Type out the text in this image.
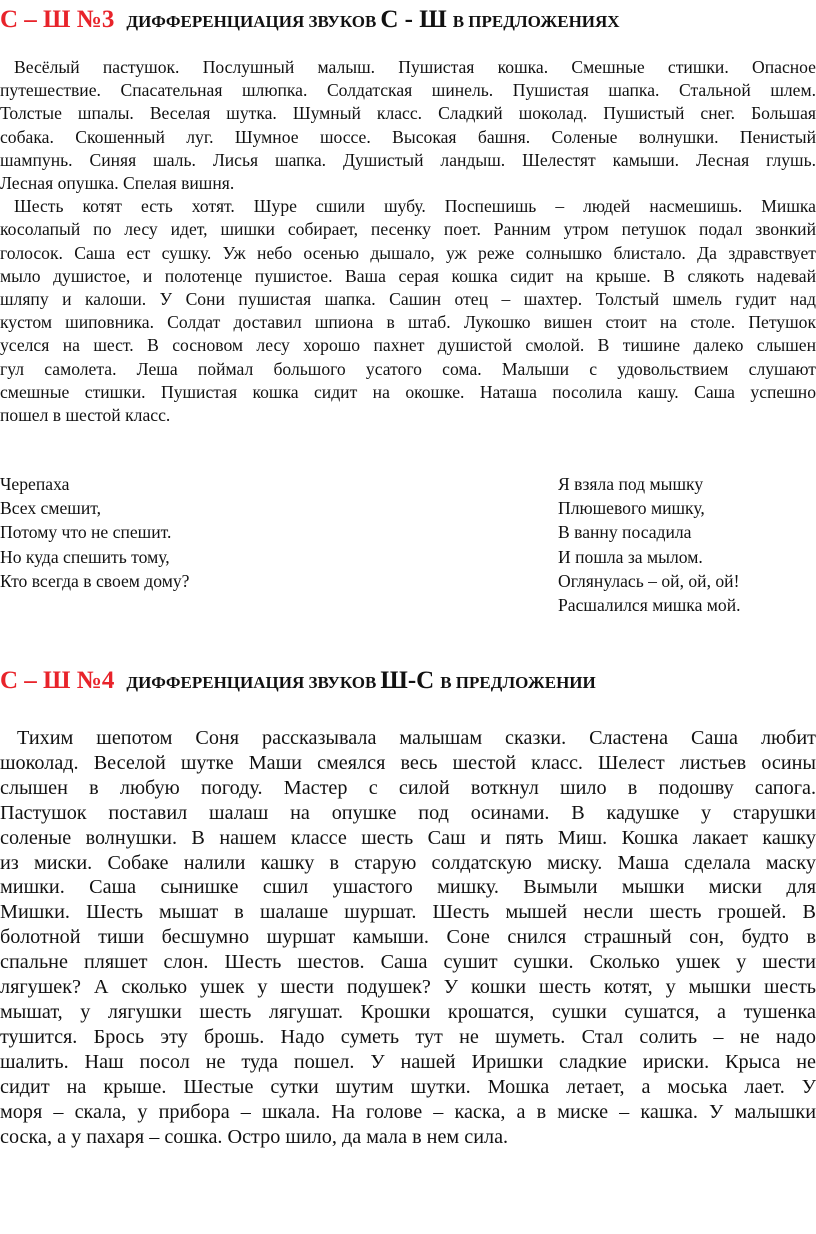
С – Ш №3 ДИФФЕРЕНЦИАЦИЯ ЗВУКОВ С - Ш В ПРЕДЛОЖЕНИЯХ
Весёлый пастушок. Послушный малыш. Пушистая кошка. Смешные стишки. Опасное
путешествие. Спасательная шлюпка. Солдатская шинель. Пушистая шапка. Стальной шлем.
Толстые шпалы. Веселая шутка. Шумный класс. Сладкий шоколад. Пушистый снег. Большая
собака. Скошенный луг. Шумное шоссе. Высокая башня. Соленые волнушки. Пенистый
шампунь. Синяя шаль. Лисья шапка. Душистый ландыш. Шелестят камыши. Лесная глушь.
Лесная опушка. Спелая вишня.
Шесть котят есть хотят. Шуре сшили шубу. Поспешишь – людей насмешишь. Мишка
косолапый по лесу идет, шишки собирает, песенку поет. Ранним утром петушок подал звонкий
голосок. Саша ест сушку. Уж небо осенью дышало, уж реже солнышко блистало. Да здравствует
мыло душистое, и полотенце пушистое. Ваша серая кошка сидит на крыше. В слякоть надевай
шляпу и калоши. У Сони пушистая шапка. Сашин отец – шахтер. Толстый шмель гудит над
кустом шиповника. Солдат доставил шпиона в штаб. Лукошко вишен стоит на столе. Петушок
уселся на шест. В сосновом лесу хорошо пахнет душистой смолой. В тишине далеко слышен
гул самолета. Леша поймал большого усатого сома. Малыши с удовольствием слушают
смешные стишки. Пушистая кошка сидит на окошке. Наташа посолила кашу. Саша успешно
пошел в шестой класс.
Черепаха
Всех смешит,
Потому что не спешит.
Но куда спешить тому,
Кто всегда в своем дому?
Я взяла под мышку
Плюшевого мишку,
В ванну посадила
И пошла за мылом.
Оглянулась – ой, ой, ой!
Расшалился мишка мой.
С – Ш №4 ДИФФЕРЕНЦИАЦИЯ ЗВУКОВ Ш-С В ПРЕДЛОЖЕНИИ
Тихим шепотом Соня рассказывала малышам сказки. Сластена Саша любит
шоколад. Веселой шутке Маши смеялся весь шестой класс. Шелест листьев осины
слышен в любую погоду. Мастер с силой воткнул шило в подошву сапога.
Пастушок поставил шалаш на опушке под осинами. В кадушке у старушки
соленые волнушки. В нашем классе шесть Саш и пять Миш. Кошка лакает кашку
из миски. Собаке налили кашку в старую солдатскую миску. Маша сделала маску
мишки. Саша сынишке сшил ушастого мишку. Вымыли мышки миски для
Мишки. Шесть мышат в шалаше шуршат. Шесть мышей несли шесть грошей. В
болотной тиши бесшумно шуршат камыши. Соне снился страшный сон, будто в
спальне пляшет слон. Шесть шестов. Саша сушит сушки. Сколько ушек у шести
лягушек? А сколько ушек у шести подушек? У кошки шесть котят, у мышки шесть
мышат, у лягушки шесть лягушат. Крошки крошатся, сушки сушатся, а тушенка
тушится. Брось эту брошь. Надо суметь тут не шуметь. Стал солить – не надо
шалить. Наш посол не туда пошел. У нашей Иришки сладкие ириски. Крыса не
сидит на крыше. Шестые сутки шутим шутки. Мошка летает, а моська лает. У
моря – скала, у прибора – шкала. На голове – каска, а в миске – кашка. У малышки
соска, а у пахаря – сошка. Остро шило, да мала в нем сила.
